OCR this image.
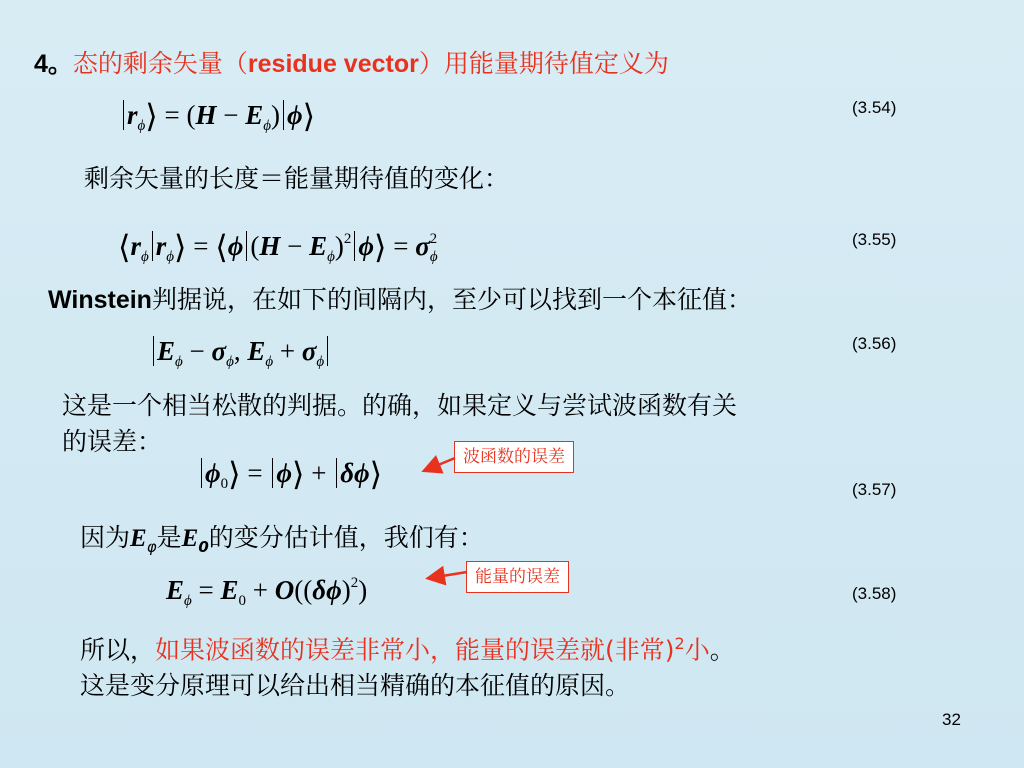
4。态的剩余矢量（residue vector）用能量期待值定义为
$r_\phi⟩ = (H - E_\phi)$ ϕ⟩	(3.54)
剩余矢量的长度＝能量期待值的变化：
$⟨r_\phi$ $r_\phi⟩$ = ⟨ϕ $(H - E_\phi)^2$ ϕ⟩ = $\sigma_\phi^2$	(3.55)
Winstein判据说，在如下的间隔内，至少可以找到一个本征值：
$E_\phi - \sigma_\phi$, $E_\phi + \sigma_\phi$
(3.56)
这是一个相当松散的判据。的确，如果定义与尝试波函数有关
的误差：
$\phi_0⟩$ = ϕ⟩ + δϕ⟩	(3.57)
波函数的误差
因为$E_\varphi$是$E_0$的变分估计值，我们有：
$E_\phi = E_0 + O((\delta\phi)^2)$	(3.58)
能量的误差
所以，如果波函数的误差非常小，能量的误差就(非常)$^2$小。
这是变分原理可以给出相当精确的本征值的原因。
32
